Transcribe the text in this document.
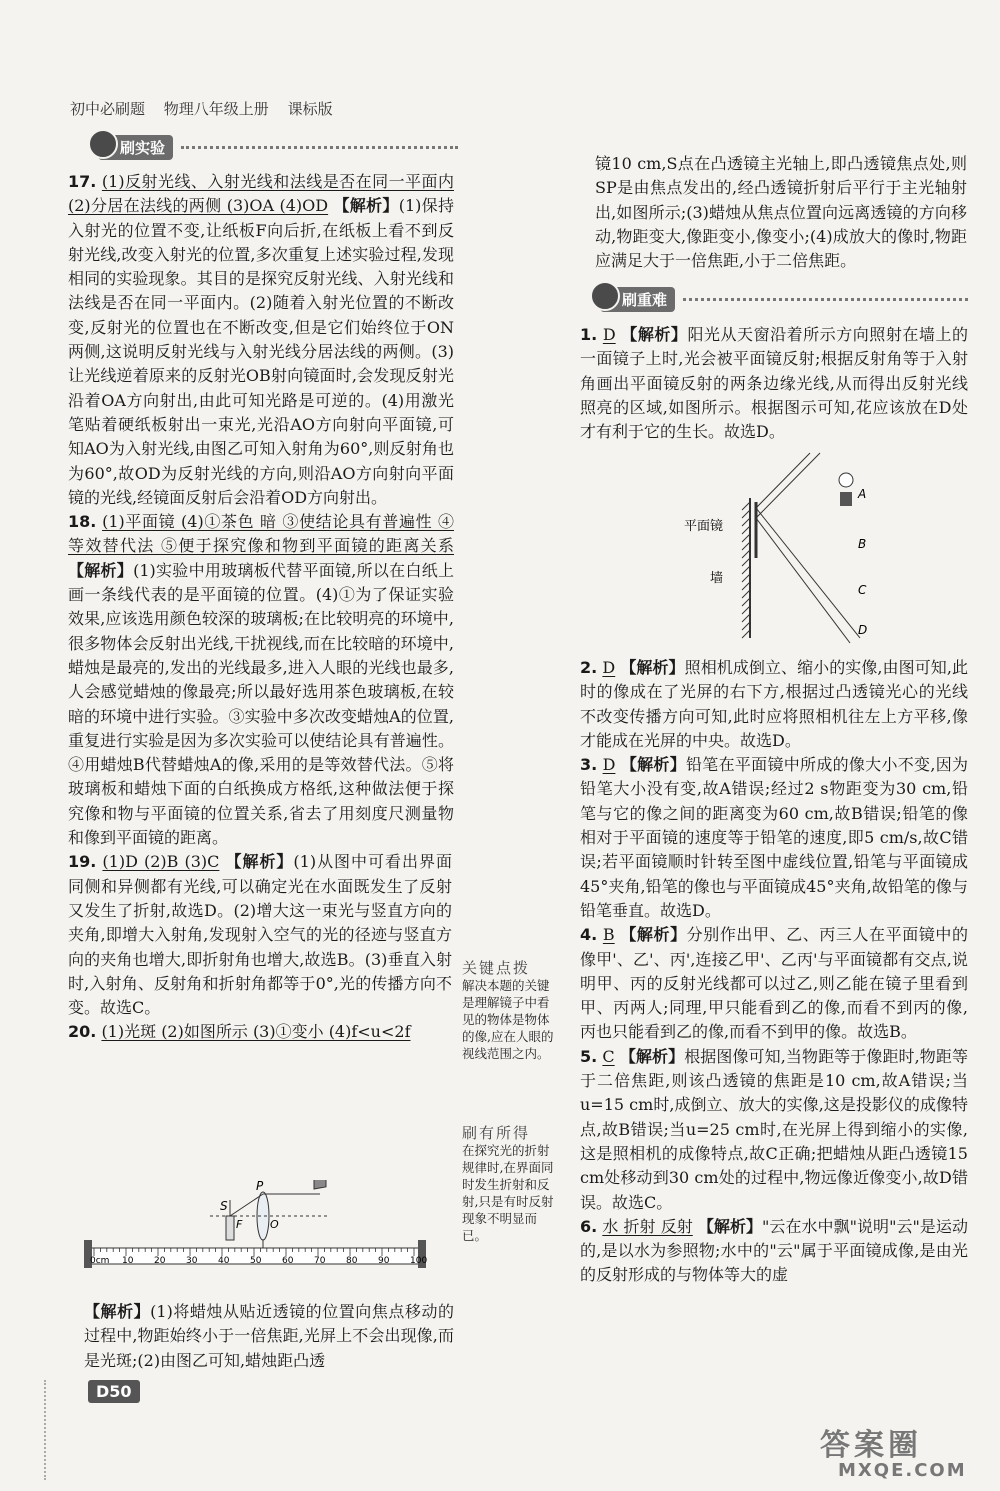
初中必刷题 物理八年级上册 课标版
刷实验

17. (1)反射光线、入射光线和法线是否在同一平面内 (2)分居在法线的两侧 (3)OA (4)OD 【解析】(1)保持入射光的位置不变,让纸板F向后折,在纸板上看不到反射光线,改变入射光的位置,多次重复上述实验过程,发现相同的实验现象。其目的是探究反射光线、入射光线和法线是否在同一平面内。(2)随着入射光位置的不断改变,反射光的位置也在不断改变,但是它们始终位于ON两侧,这说明反射光线与入射光线分居法线的两侧。(3)让光线逆着原来的反射光OB射向镜面时,会发现反射光沿着OA方向射出,由此可知光路是可逆的。(4)用激光笔贴着硬纸板射出一束光,光沿AO方向射向平面镜,可知AO为入射光线,由图乙可知入射角为60°,则反射角也为60°,故OD为反射光线的方向,则沿AO方向射向平面镜的光线,经镜面反射后会沿着OD方向射出。

18. (1)平面镜 (4)①茶色 暗 ③使结论具有普遍性 ④等效替代法 ⑤便于探究像和物到平面镜的距离关系 【解析】(1)实验中用玻璃板代替平面镜,所以在白纸上画一条线代表的是平面镜的位置。(4)①为了保证实验效果,应该选用颜色较深的玻璃板;在比较明亮的环境中,很多物体会反射出光线,干扰视线,而在比较暗的环境中,蜡烛是最亮的,发出的光线最多,进入人眼的光线也最多,人会感觉蜡烛的像最亮;所以最好选用茶色玻璃板,在较暗的环境中进行实验。③实验中多次改变蜡烛A的位置,重复进行实验是因为多次实验可以使结论具有普遍性。④用蜡烛B代替蜡烛A的像,采用的是等效替代法。⑤将玻璃板和蜡烛下面的白纸换成方格纸,这种做法便于探究像和物与平面镜的位置关系,省去了用刻度尺测量物和像到平面镜的距离。

19. (1)D (2)B (3)C 【解析】(1)从图中可看出界面同侧和异侧都有光线,可以确定光在水面既发生了反射又发生了折射,故选D。(2)增大这一束光与竖直方向的夹角,即增大入射角,发现射入空气的光的径迹与竖直方向的夹角也增大,即折射角也增大,故选B。(3)垂直入射时,入射角、反射角和折射角都等于0°,光的传播方向不变。故选C。

20. (1)光斑 (2)如图所示 (3)①变小 (4)f<u<2f

0cm 10 20 30 40 50 60 70 80 90 100
S
P
F	O

【解析】(1)将蜡烛从贴近透镜的位置向焦点移动的过程中,物距始终小于一倍焦距,光屏上不会出现像,而是光斑;(2)由图乙可知,蜡烛距凸透

关键点拨
解决本题的关键是理解镜子中看见的物体是物体的像,应在人眼的视线范围之内。
刷有所得
在探究光的折射规律时,在界面同时发生折射和反射,只是有时反射现象不明显而已。

镜10 cm,S点在凸透镜主光轴上,即凸透镜焦点处,则SP是由焦点发出的,经凸透镜折射后平行于主光轴射出,如图所示;(3)蜡烛从焦点位置向远离透镜的方向移动,物距变大,像距变小,像变小;(4)成放大的像时,物距应满足大于一倍焦距,小于二倍焦距。

刷重难

1. D 【解析】阳光从天窗沿着所示方向照射在墙上的一面镜子上时,光会被平面镜反射;根据反射角等于入射角画出平面镜反射的两条边缘光线,从而得出反射光线照亮的区域,如图所示。根据图示可知,花应该放在D处才有利于它的生长。故选D。

平面镜
墙
A
B
C
D

2. D 【解析】照相机成倒立、缩小的实像,由图可知,此时的像成在了光屏的右下方,根据过凸透镜光心的光线不改变传播方向可知,此时应将照相机往左上方平移,像才能成在光屏的中央。故选D。

3. D 【解析】铅笔在平面镜中所成的像大小不变,因为铅笔大小没有变,故A错误;经过2 s物距变为30 cm,铅笔与它的像之间的距离变为60 cm,故B错误;铅笔的像相对于平面镜的速度等于铅笔的速度,即5 cm/s,故C错误;若平面镜顺时针转至图中虚线位置,铅笔与平面镜成45°夹角,铅笔的像也与平面镜成45°夹角,故铅笔的像与铅笔垂直。故选D。

4. B 【解析】分别作出甲、乙、丙三人在平面镜中的像甲'、乙'、丙',连接乙甲'、乙丙'与平面镜都有交点,说明甲、丙的反射光线都可以过乙,则乙能在镜子里看到甲、丙两人;同理,甲只能看到乙的像,而看不到丙的像,丙也只能看到乙的像,而看不到甲的像。故选B。

5. C 【解析】根据图像可知,当物距等于像距时,物距等于二倍焦距,则该凸透镜的焦距是10 cm,故A错误;当u=15 cm时,成倒立、放大的实像,这是投影仪的成像特点,故B错误;当u=25 cm时,在光屏上得到缩小的实像,这是照相机的成像特点,故C正确;把蜡烛从距凸透镜15 cm处移动到30 cm处的过程中,物远像近像变小,故D错误。故选C。

6. 水 折射 反射 【解析】"云在水中飘"说明"云"是运动的,是以水为参照物;水中的"云"属于平面镜成像,是由光的反射形成的与物体等大的虚

D50
答案圈
MXQE.COM
